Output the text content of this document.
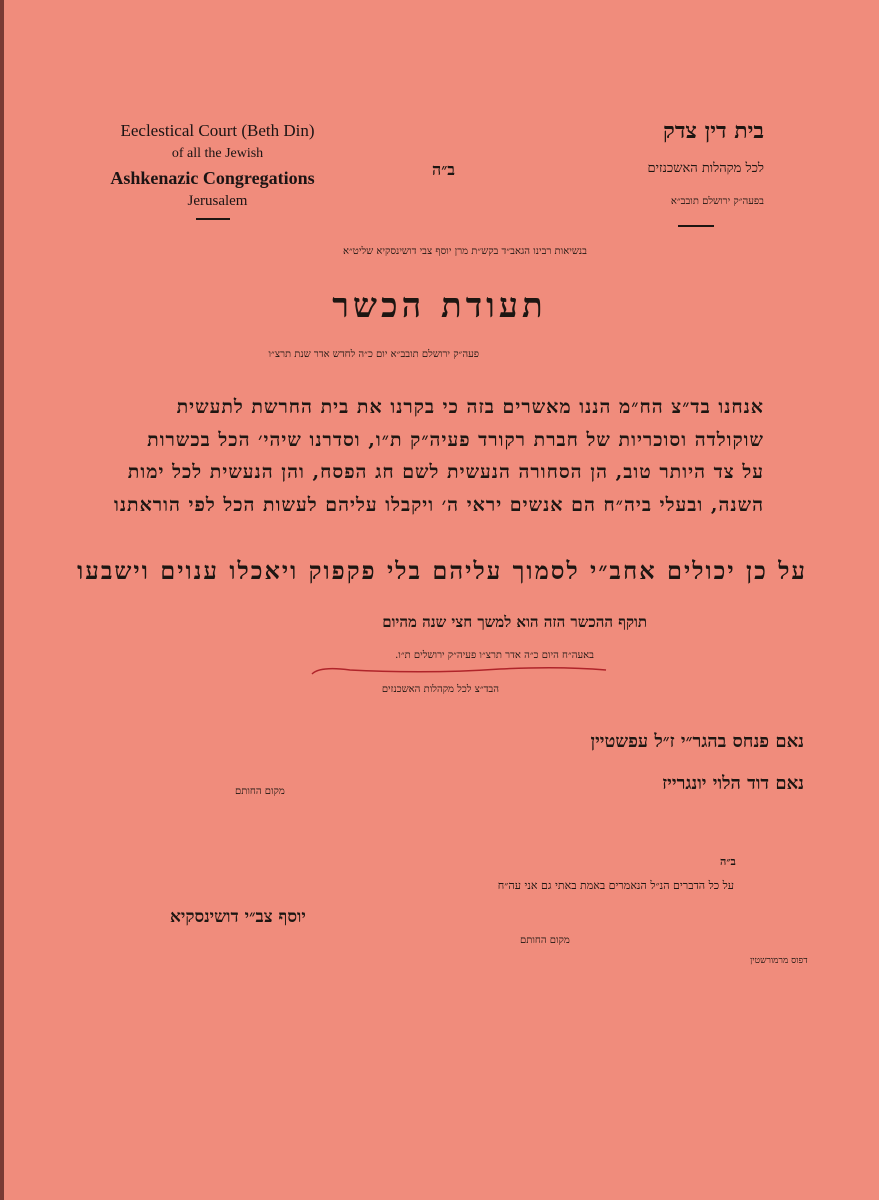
Eeclestical Court (Beth Din)
of all the Jewish
Ashkenazic Congregations
Jerusalem
בית דין צדק
לכל מקהלות האשכנזים
בפעה״ק ירושלם תובב״א
ב״ה
בנשיאות רבינו הגאב״ד בקש״ת מרן יוסף צבי דושינסקיא שליט״א
תעודת הכשר
פעה״ק ירושלם תובב״א יום כ״ה לחדש אדר שנת תרצ״ו
אנחנו בד״צ הח״מ הננו מאשרים בזה כי בקרנו את בית החרשת לתעשית
שוקולדה וסוכריות של חברת רקורד פעיה״ק ת״ו, וסדרנו שיהי׳ הכל בכשרות
על צד היותר טוב, הן הסחורה הנעשית לשם חג הפסח, והן הנעשית לכל ימות
השנה, ובעלי ביה״ח הם אנשים יראי ה׳ ויקבלו עליהם לעשות הכל לפי הוראתנו
על כן יכולים אחב״י לסמוך עליהם בלי פקפוק ויאכלו ענוים וישבעו
תוקף ההכשר הזה הוא למשך חצי שנה מהיום
באעה״ח היום כ״ה אדר תרצ״ו פעיה״ק ירושלים ת״ו.
הבד״צ לכל מקהלות האשכנזים
נאם פנחס בהגר״י ז״ל עפשטיין
נאם דוד הלוי יונגרייז
מקום החותם
ב״ה
על כל הדברים הנ״ל הנאמרים באמת באתי גם אני עה״ח
יוסף צב״י דושינסקיא
מקום החותם
דפוס מרמורשטין
